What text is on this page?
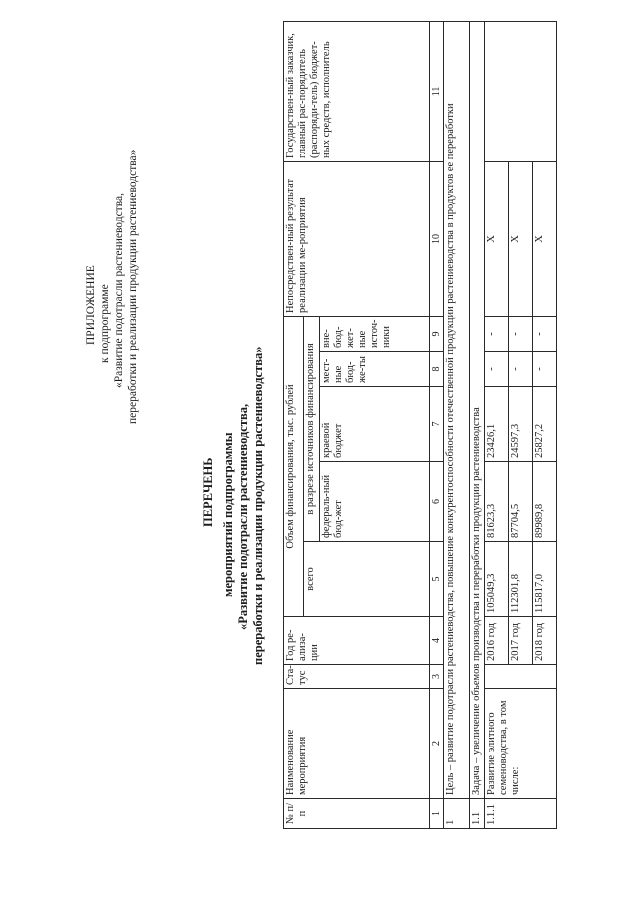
ПРИЛОЖЕНИЕ к подпрограмме «Развитие подотрасли растениеводства, переработки и реализации продукции растениеводства»
ПЕРЕЧЕНЬ мероприятий подпрограммы «Развитие подотрасли растениеводства, переработки и реализации продукции растениеводства»
№ п/п	Наименование мероприятия	Ста-тус	Год ре-ализа-ции	Объем финансирования, тыс. рублей					Непосредствен-ный результат реализации ме-роприятия	Государствен-ный заказчик, главный рас-порядитель (распоряди-тель) бюджет-ных средств, исполнитель
				всего	в разрезе источников финансирования					
					федераль-ный бюд-жет	краевой бюджет	мест-ные бюд-же-ты	вне-бюд-жет-ные источ-ники		
1	2	3	4	5	6	7	8	9	10	11
1	Цель – развитие подотрасли растениеводства, повышение конкурентоспособности отечественной продукции растениеводства в продуктов ее переработки									
1.1	Задача – увеличение объемов производства и переработки продукции растениеводства									
1.1.1	Развитие элитного семеноводства, в том числе:		2016 год	105049,3	81623,3	23426,1	-	-	Х	
			2017 год	112301,8	87704,5	24597,3	-	-	Х	
			2018 год	115817,0	89989,8	25827,2	-	-	Х	
